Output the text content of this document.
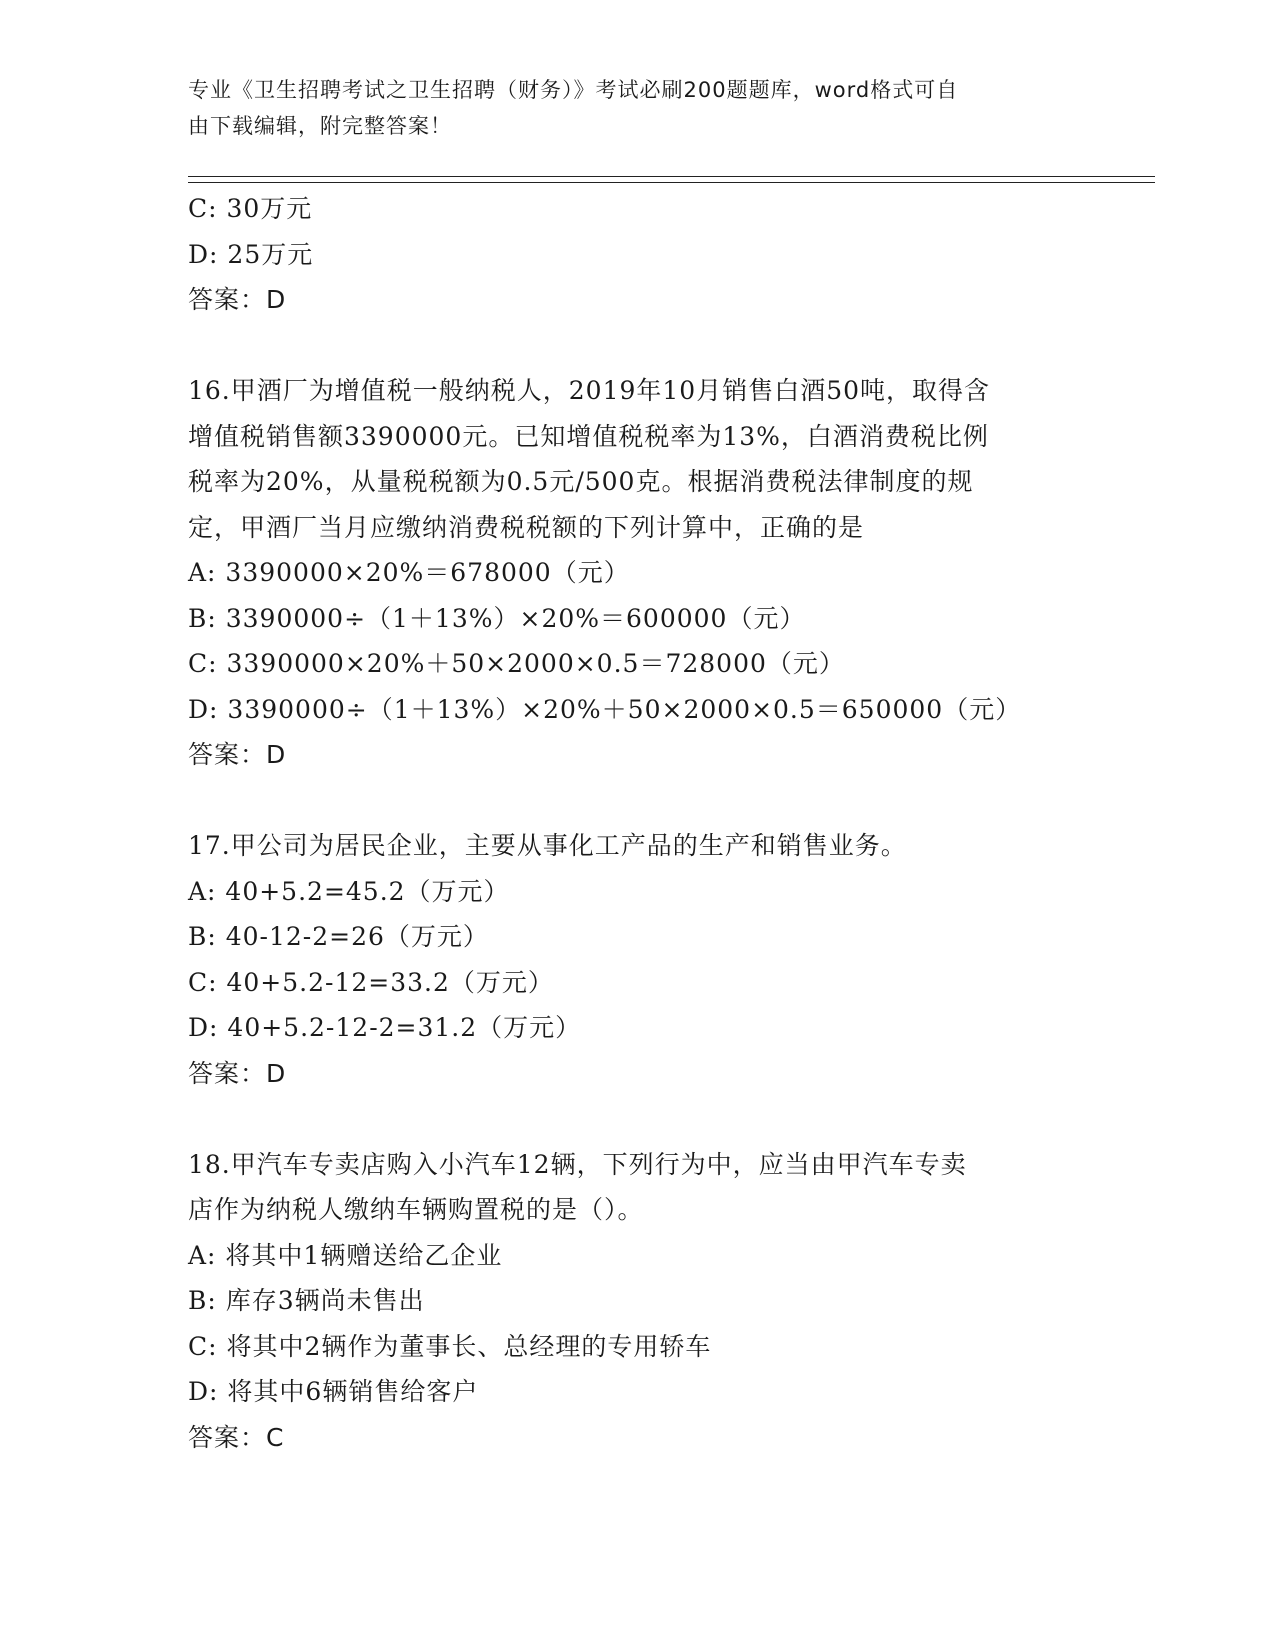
专业《卫生招聘考试之卫生招聘（财务）》考试必刷200题题库，word格式可自
由下载编辑，附完整答案！
C: 30万元
D: 25万元
答案：D
16.甲酒厂为增值税一般纳税人，2019年10月销售白酒50吨，取得含
增值税销售额3390000元。已知增值税税率为13%，白酒消费税比例
税率为20%，从量税税额为0.5元/500克。根据消费税法律制度的规
定，甲酒厂当月应缴纳消费税税额的下列计算中，正确的是
A: 3390000×20%＝678000（元）
B: 3390000÷（1＋13%）×20%＝600000（元）
C: 3390000×20%＋50×2000×0.5＝728000（元）
D: 3390000÷（1＋13%）×20%＋50×2000×0.5＝650000（元）
答案：D
17.甲公司为居民企业，主要从事化工产品的生产和销售业务。
A: 40+5.2=45.2（万元）
B: 40-12-2=26（万元）
C: 40+5.2-12=33.2（万元）
D: 40+5.2-12-2=31.2（万元）
答案：D
18.甲汽车专卖店购入小汽车12辆，下列行为中，应当由甲汽车专卖
店作为纳税人缴纳车辆购置税的是（）。
A: 将其中1辆赠送给乙企业
B: 库存3辆尚未售出
C: 将其中2辆作为董事长、总经理的专用轿车
D: 将其中6辆销售给客户
答案：C
